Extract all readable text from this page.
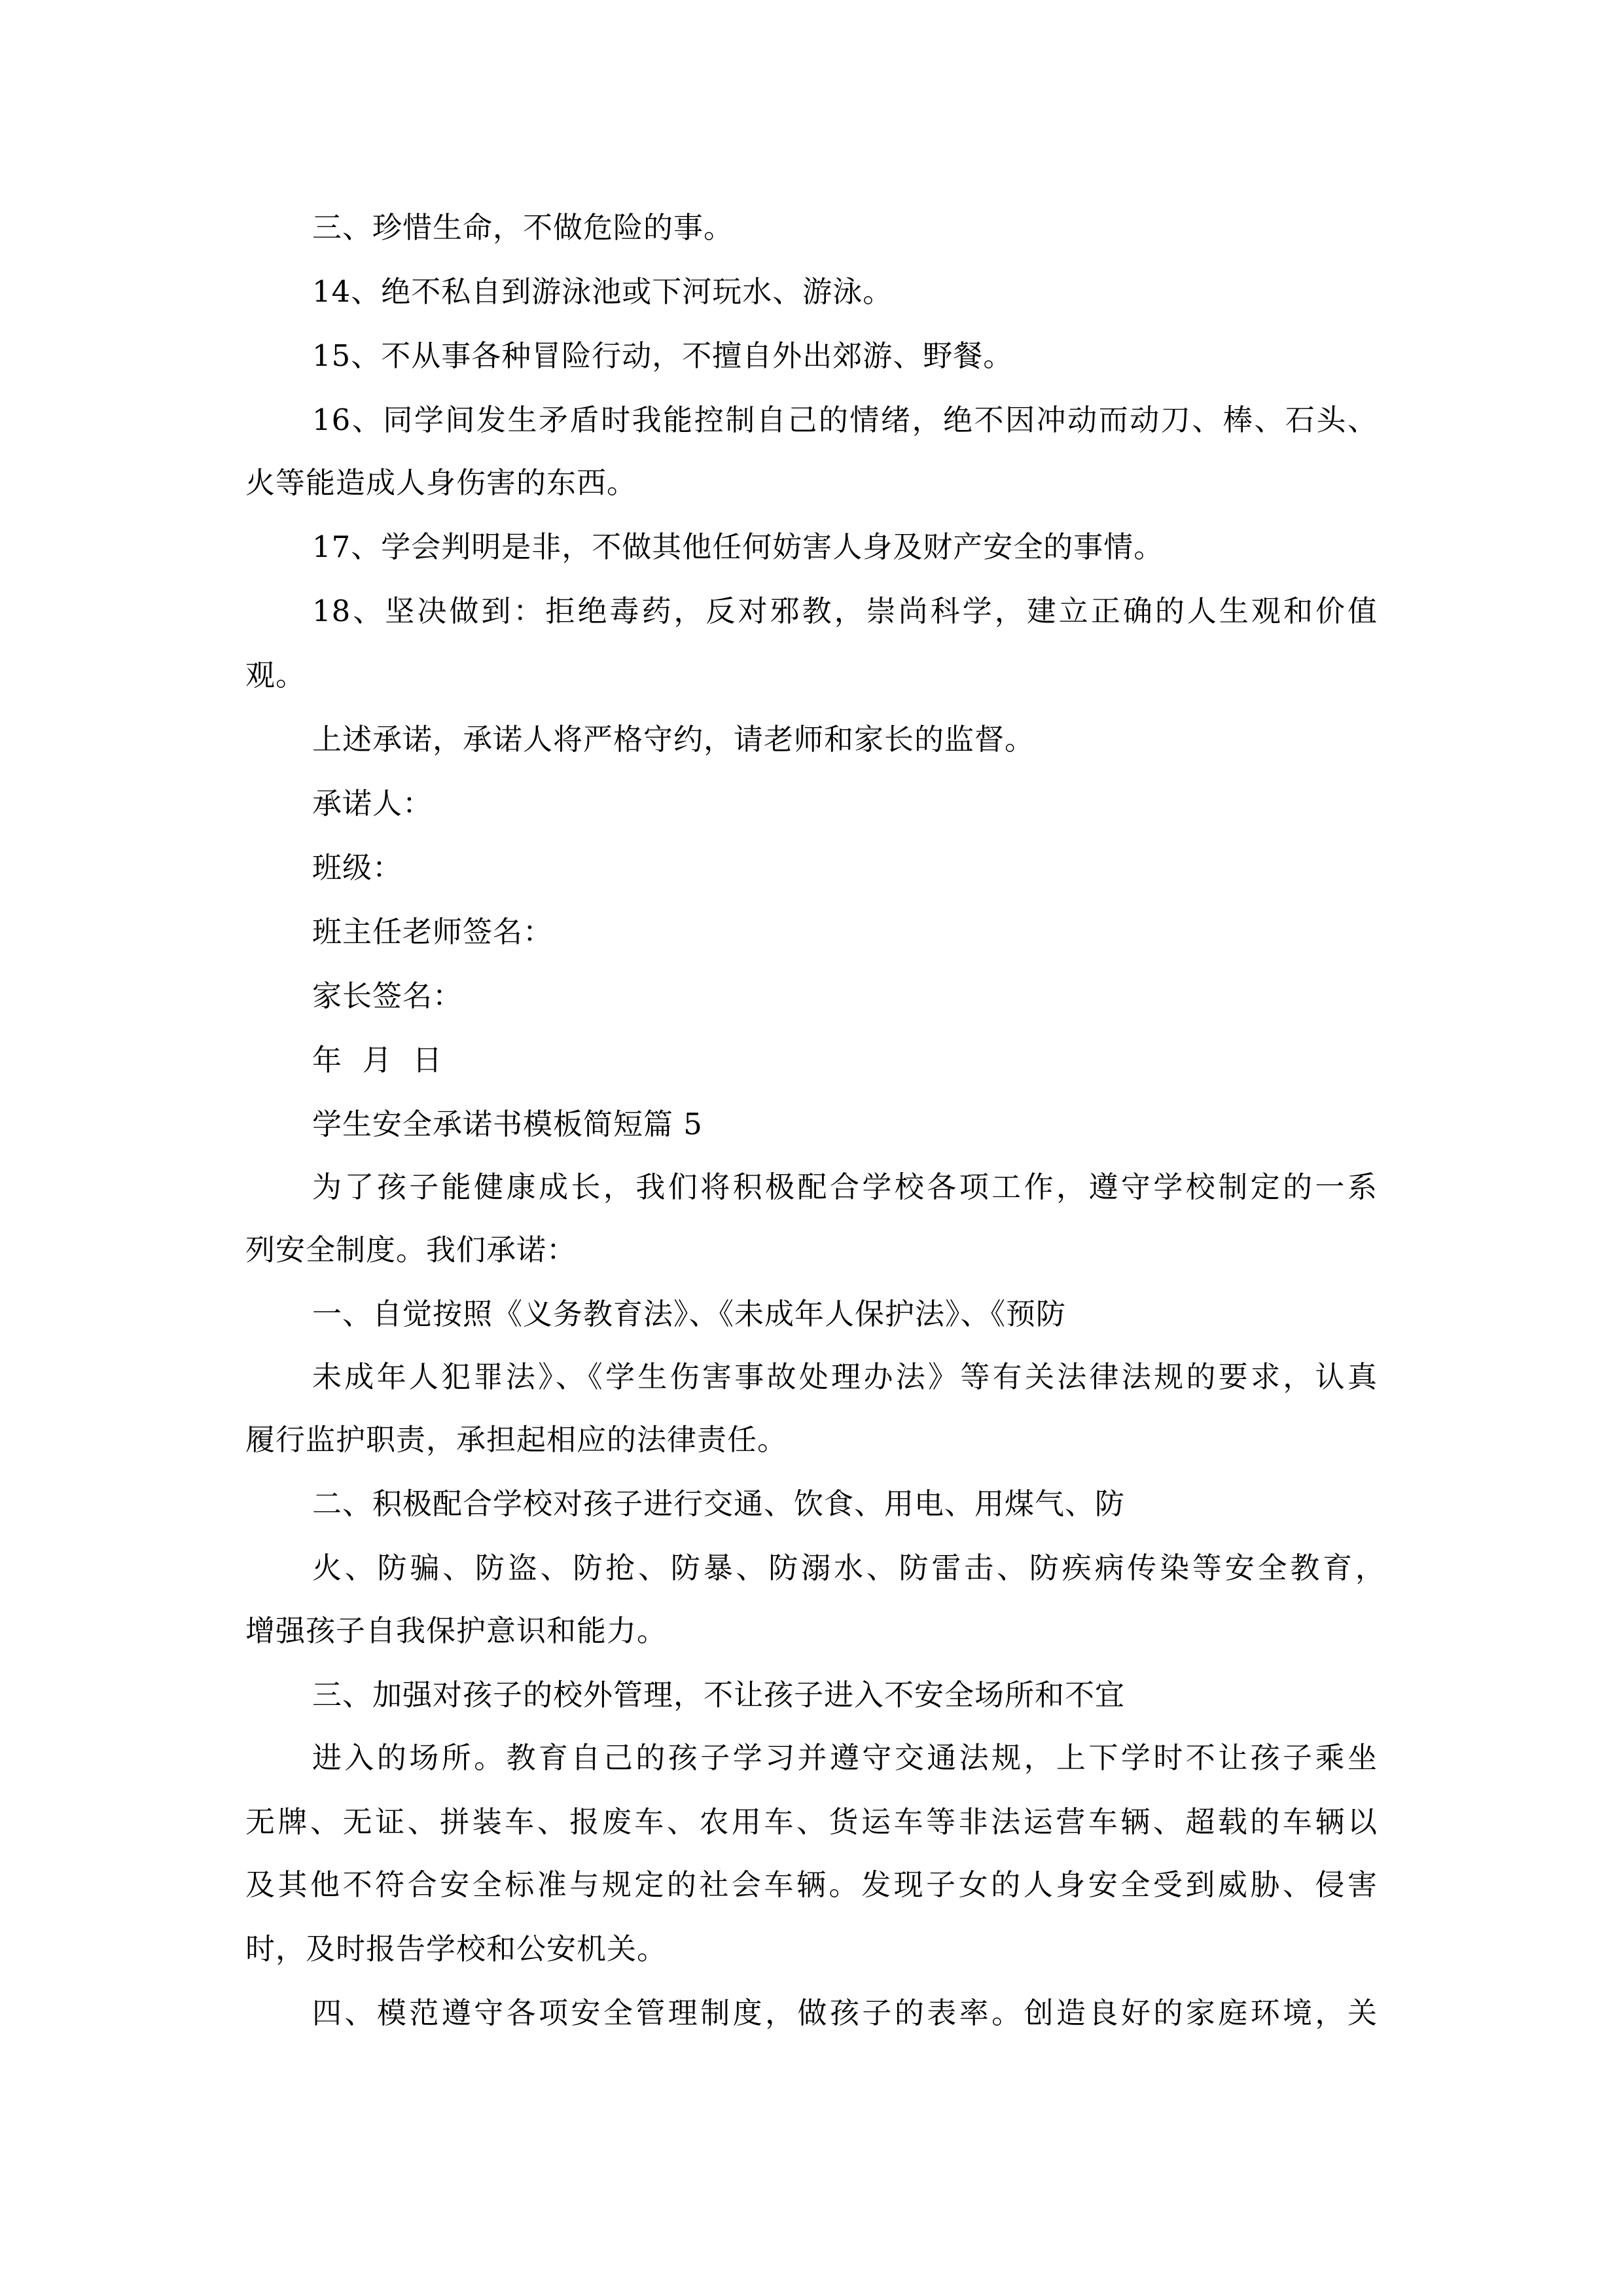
三、珍惜生命，不做危险的事。
14、绝不私自到游泳池或下河玩水、游泳。
15、不从事各种冒险行动，不擅自外出郊游、野餐。
16、同学间发生矛盾时我能控制自己的情绪，绝不因冲动而动刀、棒、石头、
火等能造成人身伤害的东西。
17、学会判明是非，不做其他任何妨害人身及财产安全的事情。
18、坚决做到：拒绝毒药，反对邪教，崇尚科学，建立正确的人生观和价值
观。
上述承诺，承诺人将严格守约，请老师和家长的监督。
承诺人：
班级：
班主任老师签名：
家长签名：
年  月  日
学生安全承诺书模板简短篇 5
为了孩子能健康成长，我们将积极配合学校各项工作，遵守学校制定的一系
列安全制度。我们承诺：
一、自觉按照《义务教育法》、《未成年人保护法》、《预防
未成年人犯罪法》、《学生伤害事故处理办法》等有关法律法规的要求，认真
履行监护职责，承担起相应的法律责任。
二、积极配合学校对孩子进行交通、饮食、用电、用煤气、防
火、防骗、防盗、防抢、防暴、防溺水、防雷击、防疾病传染等安全教育，
增强孩子自我保护意识和能力。
三、加强对孩子的校外管理，不让孩子进入不安全场所和不宜
进入的场所。教育自己的孩子学习并遵守交通法规，上下学时不让孩子乘坐
无牌、无证、拼装车、报废车、农用车、货运车等非法运营车辆、超载的车辆以
及其他不符合安全标准与规定的社会车辆。发现子女的人身安全受到威胁、侵害
时，及时报告学校和公安机关。
四、模范遵守各项安全管理制度，做孩子的表率。创造良好的家庭环境，关
